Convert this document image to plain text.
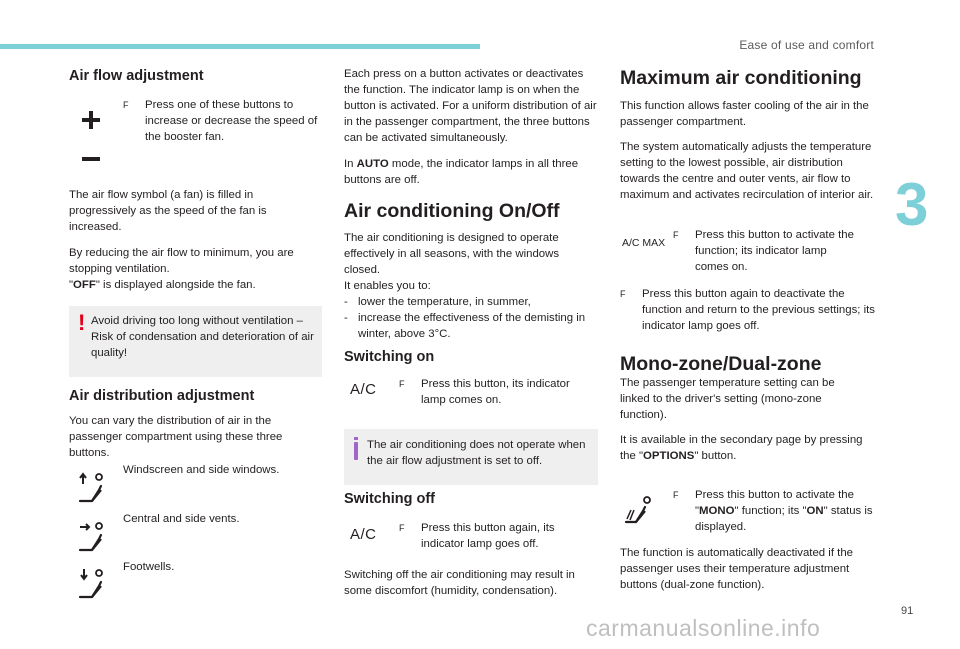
Ease of use and comfort
3
Air flow adjustment
F	Press one of these buttons to increase or decrease the speed of the booster fan.

The air flow symbol (a fan) is filled in progressively as the speed of the fan is increased.

By reducing the air flow to minimum, you are stopping ventilation.
"OFF" is displayed alongside the fan.

! Avoid driving too long without ventilation – Risk of condensation and deterioration of air quality!

Air distribution adjustment

You can vary the distribution of air in the passenger compartment using these three buttons.

Windscreen and side windows.
Central and side vents.
Footwells.

Each press on a button activates or deactivates the function. The indicator lamp is on when the button is activated. For a uniform distribution of air in the passenger compartment, the three buttons can be activated simultaneously.

In AUTO mode, the indicator lamps in all three buttons are off.

Air conditioning On/Off

The air conditioning is designed to operate effectively in all seasons, with the windows closed.

It enables you to:

- lower the temperature, in summer,
- increase the effectiveness of the demisting in winter, above 3°C.
Switching on
A/C F	Press this button, its indicator lamp comes on.

The air conditioning does not operate when the air flow adjustment is set to off.

Switching off
A/C F	Press this button again, its indicator lamp goes off.

Switching off the air conditioning may result in some discomfort (humidity, condensation).

Maximum air conditioning

This function allows faster cooling of the air in the passenger compartment.

The system automatically adjusts the temperature setting to the lowest possible, air distribution towards the centre and outer vents, air flow to maximum and activates recirculation of interior air.

A/C MAX
F	Press this button to activate the function; its indicator lamp comes on.
F	Press this button again to deactivate the function and return to the previous settings; its indicator lamp goes off.
Mono-zone/Dual-zone

The passenger temperature setting can be linked to the driver's setting (mono-zone function).

It is available in the secondary page by pressing the "OPTIONS" button.

F	Press this button to activate the "MONO" function; its "ON" status is displayed.

The function is automatically deactivated if the passenger uses their temperature adjustment buttons (dual-zone function).

91
carmanualsonline.info
